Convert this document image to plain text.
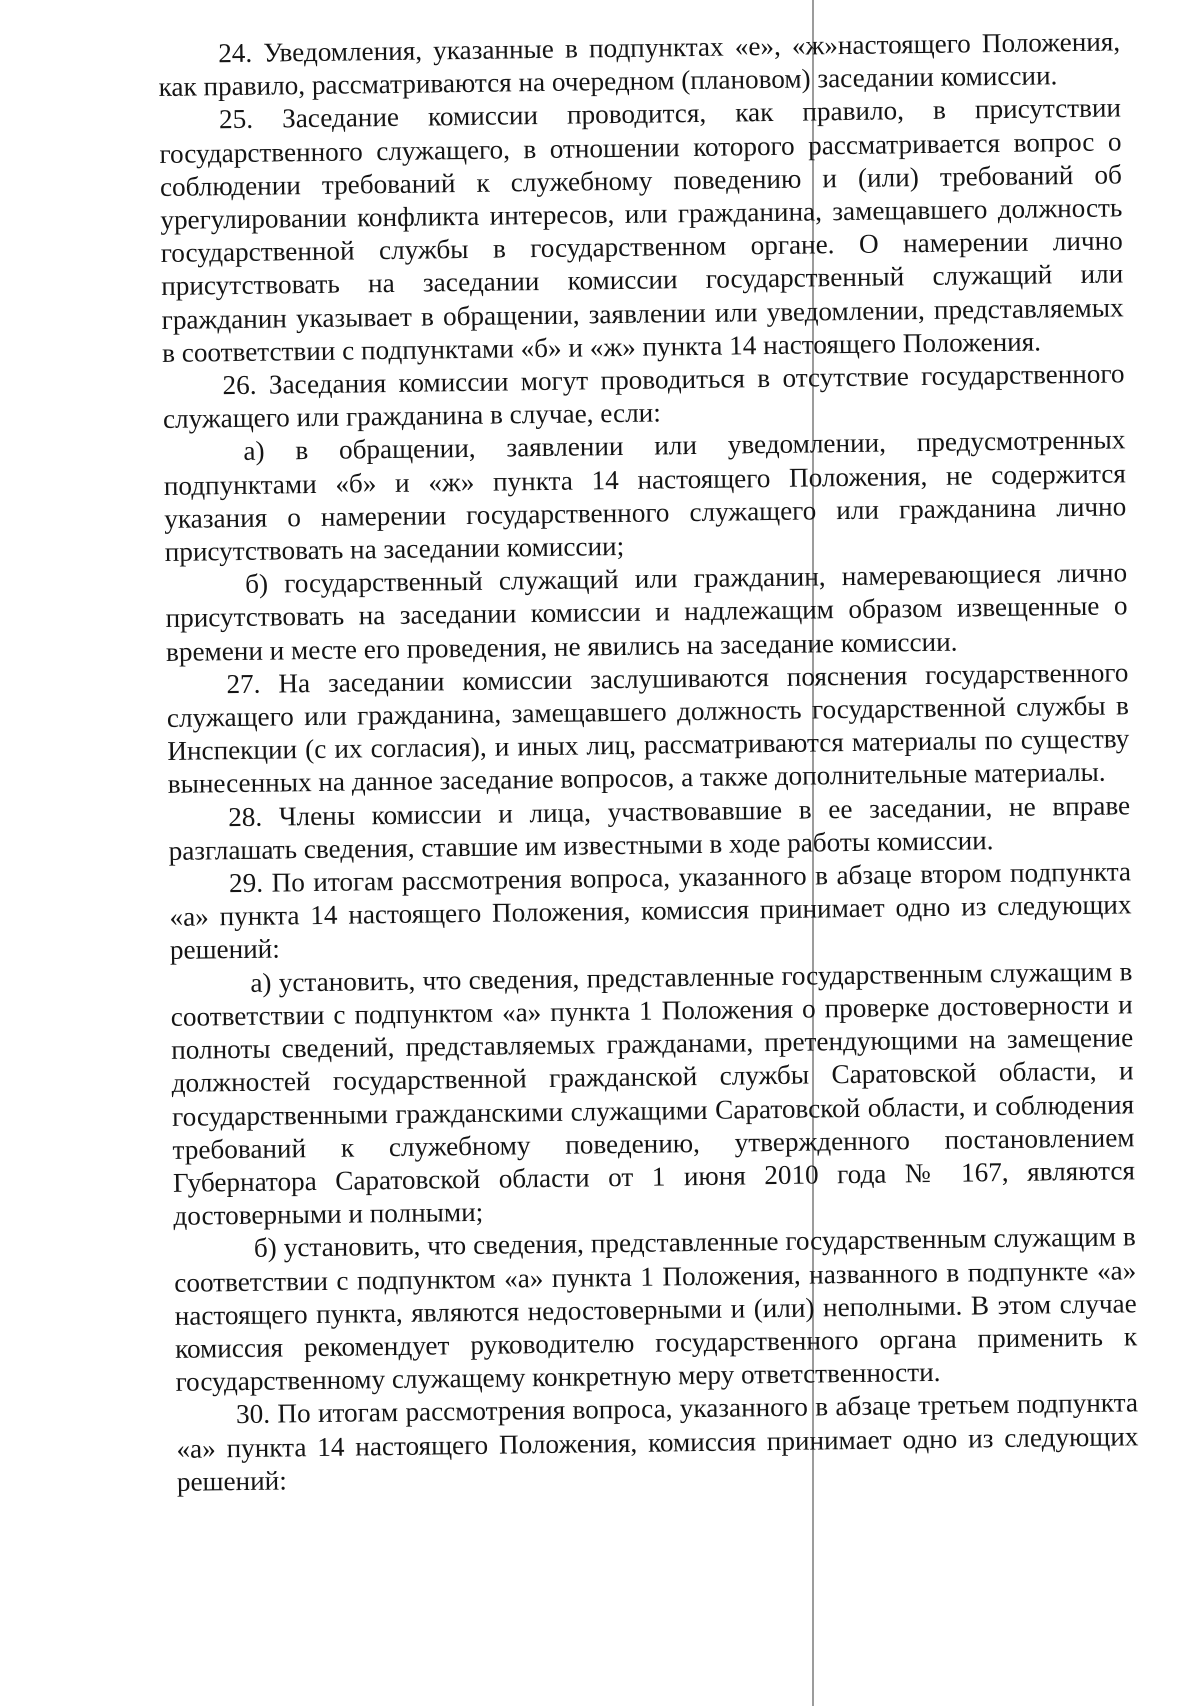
24. Уведомления, указанные в подпунктах «е», «ж»настоящего Положения, как правило, рассматриваются на очередном (плановом) заседании комиссии.

25. Заседание комиссии проводится, как правило, в присутствии государственного служащего, в отношении которого рассматривается вопрос о соблюдении требований к служебному поведению и (или) требований об урегулировании конфликта интересов, или гражданина, замещавшего должность государственной службы в государственном органе. О намерении лично присутствовать на заседании комиссии государственный служащий или гражданин указывает в обращении, заявлении или уведомлении, представляемых в соответствии с подпунктами «б» и «ж» пункта 14 настоящего Положения.

26. Заседания комиссии могут проводиться в отсутствие государственного служащего или гражданина в случае, если:

а) в обращении, заявлении или уведомлении, предусмотренных подпунктами «б» и «ж» пункта 14 настоящего Положения, не содержится указания о намерении государственного служащего или гражданина лично присутствовать на заседании комиссии;

б) государственный служащий или гражданин, намеревающиеся лично присутствовать на заседании комиссии и надлежащим образом извещенные о времени и месте его проведения, не явились на заседание комиссии.

27. На заседании комиссии заслушиваются пояснения государственного служащего или гражданина, замещавшего должность государственной службы в Инспекции (с их согласия), и иных лиц, рассматриваются материалы по существу вынесенных на данное заседание вопросов, а также дополнительные материалы.

28. Члены комиссии и лица, участвовавшие в ее заседании, не вправе разглашать сведения, ставшие им известными в ходе работы комиссии.

29. По итогам рассмотрения вопроса, указанного в абзаце втором подпункта «а» пункта 14 настоящего Положения, комиссия принимает одно из следующих решений:

а) установить, что сведения, представленные государственным служащим в соответствии с подпунктом «а» пункта 1 Положения о проверке достоверности и полноты сведений, представляемых гражданами, претендующими на замещение должностей государственной гражданской службы Саратовской области, и государственными гражданскими служащими Саратовской области, и соблюдения требований к служебному поведению, утвержденного постановлением Губернатора Саратовской области от 1 июня 2010 года № 167, являются достоверными и полными;

б) установить, что сведения, представленные государственным служащим в соответствии с подпунктом «а» пункта 1 Положения, названного в подпункте «а» настоящего пункта, являются недостоверными и (или) неполными. В этом случае комиссия рекомендует руководителю государственного органа применить к государственному служащему конкретную меру ответственности.

30. По итогам рассмотрения вопроса, указанного в абзаце третьем подпункта «а» пункта 14 настоящего Положения, комиссия принимает одно из следующих решений:
